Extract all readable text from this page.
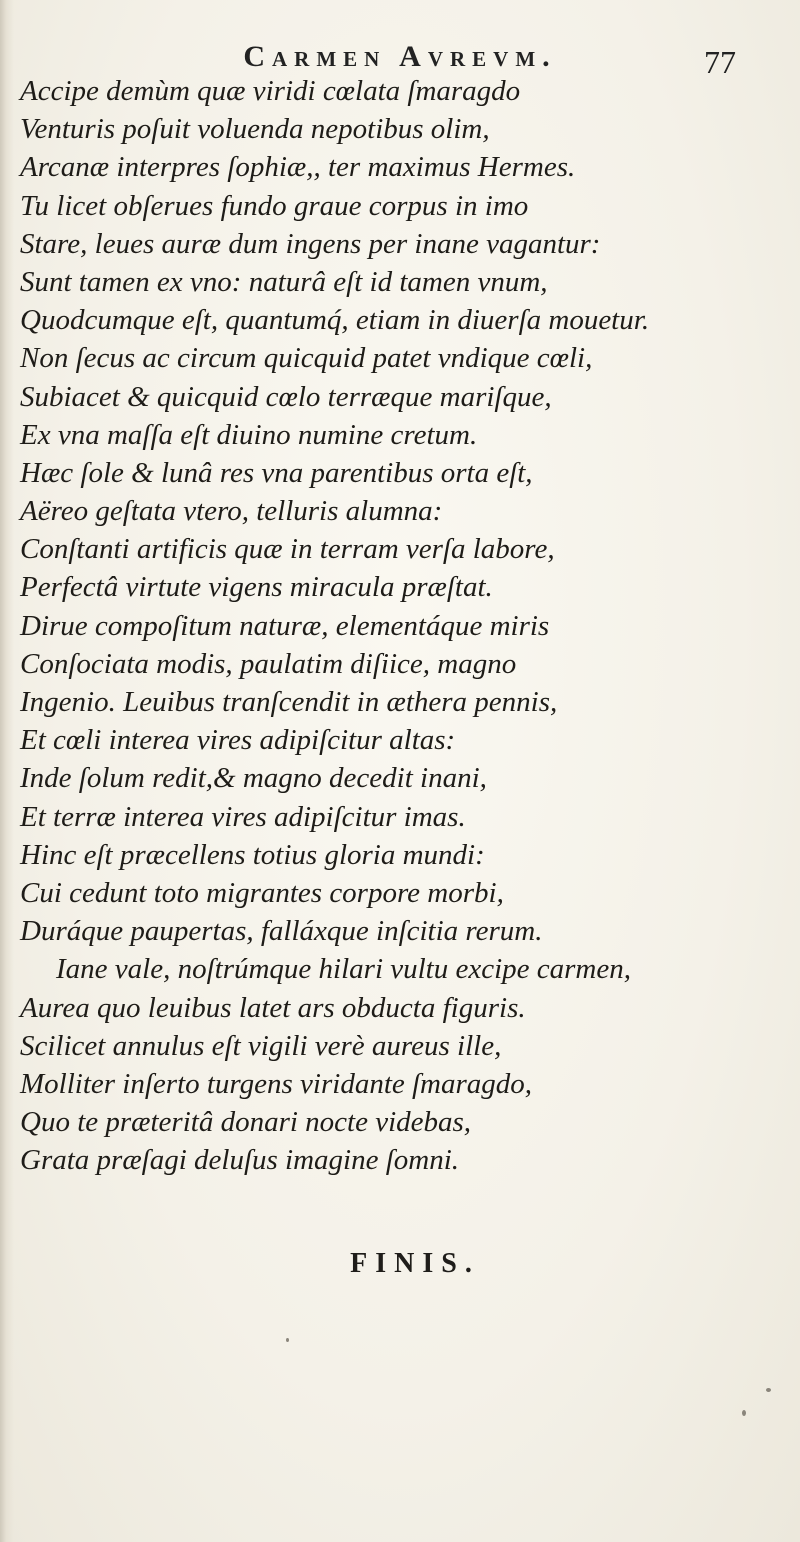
Carmen Avrevm.	77
Accipe demùm quæ viridi cœlata ſmaragdo
Venturis poſuit voluenda nepotibus olim,
Arcanæ interpres ſophiæ,, ter maximus Hermes.
Tu licet obſerues fundo graue corpus in imo
Stare, leues auræ dum ingens per inane vagantur:
Sunt tamen ex vno: naturâ eſt id tamen vnum,
Quodcumque eſt, quantumq́, etiam in diuerſa mouetur.
Non ſecus ac circum quicquid patet vndique cœli,
Subiacet & quicquid cœlo terræque mariſque,
Ex vna maſſa eſt diuino numine cretum.
Hæc ſole & lunâ res vna parentibus orta eſt,
Aëreo geſtata vtero, telluris alumna:
Conſtanti artificis quæ in terram verſa labore,
Perfectâ virtute vigens miracula præſtat.
Dirue compoſitum naturæ, elementáque miris
Conſociata modis, paulatim diſiice, magno
Ingenio. Leuibus tranſcendit in æthera pennis,
Et cœli interea vires adipiſcitur altas:
Inde ſolum redit,& magno decedit inani,
Et terræ interea vires adipiſcitur imas.
Hinc eſt præcellens totius gloria mundi:
Cui cedunt toto migrantes corpore morbi,
Duráque paupertas, falláxque inſcitia rerum.
Iane vale, noſtrúmque hilari vultu excipe carmen,
Aurea quo leuibus latet ars obducta figuris.
Scilicet annulus eſt vigili verè aureus ille,
Molliter inſerto turgens viridante ſmaragdo,
Quo te præteritâ donari nocte videbas,
Grata præſagi deluſus imagine ſomni.
FINIS.
